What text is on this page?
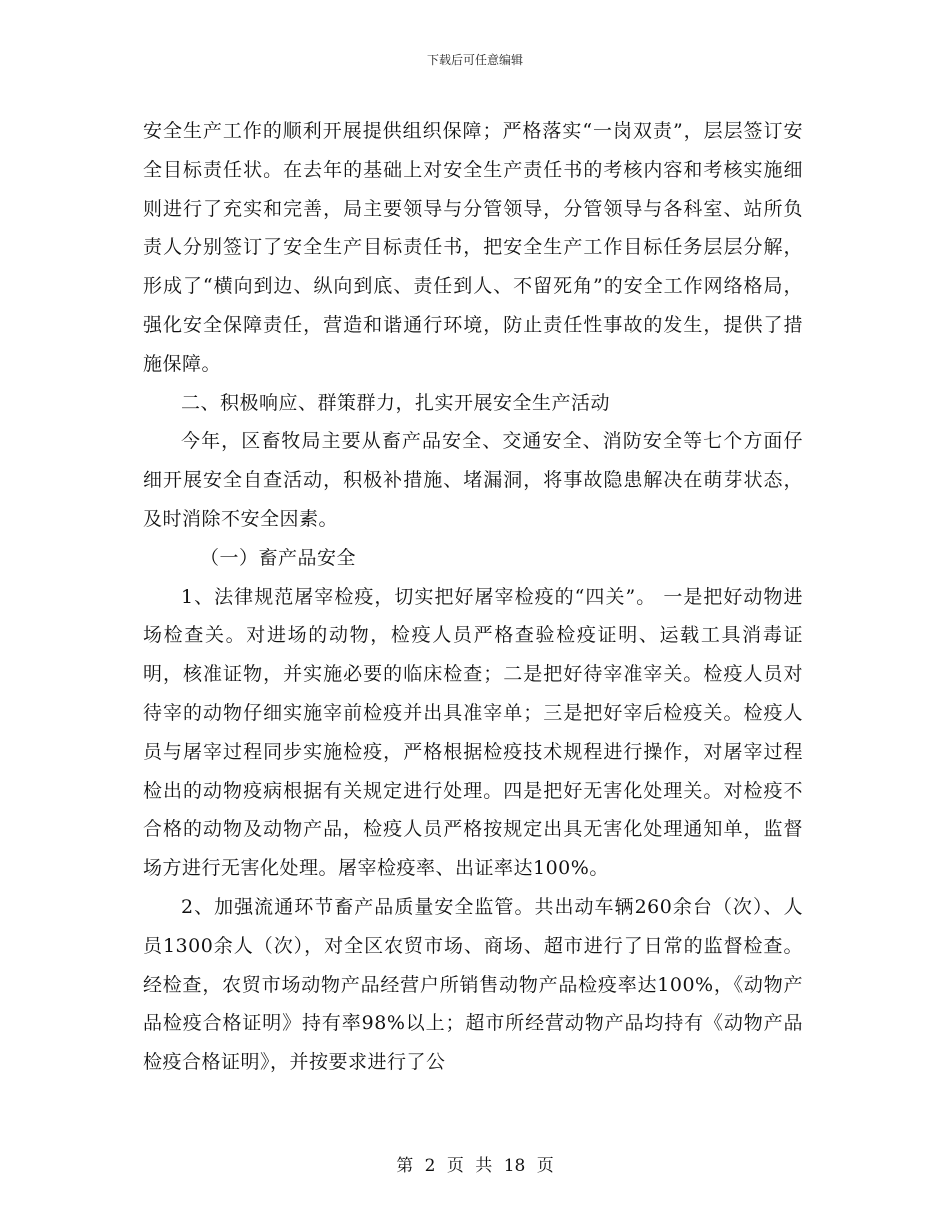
下载后可任意编辑

安全生产工作的顺利开展提供组织保障；严格落实“一岗双责”，层层签订安全目标责任状。在去年的基础上对安全生产责任书的考核内容和考核实施细则进行了充实和完善，局主要领导与分管领导，分管领导与各科室、站所负责人分别签订了安全生产目标责任书，把安全生产工作目标任务层层分解，形成了“横向到边、纵向到底、责任到人、不留死角”的安全工作网络格局，强化安全保障责任，营造和谐通行环境，防止责任性事故的发生，提供了措施保障。

二、积极响应、群策群力，扎实开展安全生产活动

今年，区畜牧局主要从畜产品安全、交通安全、消防安全等七个方面仔细开展安全自查活动，积极补措施、堵漏洞，将事故隐患解决在萌芽状态，及时消除不安全因素。

（一）畜产品安全

1、法律规范屠宰检疫，切实把好屠宰检疫的“四关”。 一是把好动物进场检查关。对进场的动物，检疫人员严格查验检疫证明、运载工具消毒证明，核准证物，并实施必要的临床检查；二是把好待宰准宰关。检疫人员对待宰的动物仔细实施宰前检疫并出具准宰单；三是把好宰后检疫关。检疫人员与屠宰过程同步实施检疫，严格根据检疫技术规程进行操作，对屠宰过程检出的动物疫病根据有关规定进行处理。四是把好无害化处理关。对检疫不合格的动物及动物产品，检疫人员严格按规定出具无害化处理通知单，监督场方进行无害化处理。屠宰检疫率、出证率达100%。

2、加强流通环节畜产品质量安全监管。共出动车辆260余台（次）、人员1300余人（次），对全区农贸市场、商场、超市进行了日常的监督检查。经检查，农贸市场动物产品经营户所销售动物产品检疫率达100%，《动物产品检疫合格证明》持有率98%以上；超市所经营动物产品均持有《动物产品检疫合格证明》，并按要求进行了公

第 2 页 共 18 页
